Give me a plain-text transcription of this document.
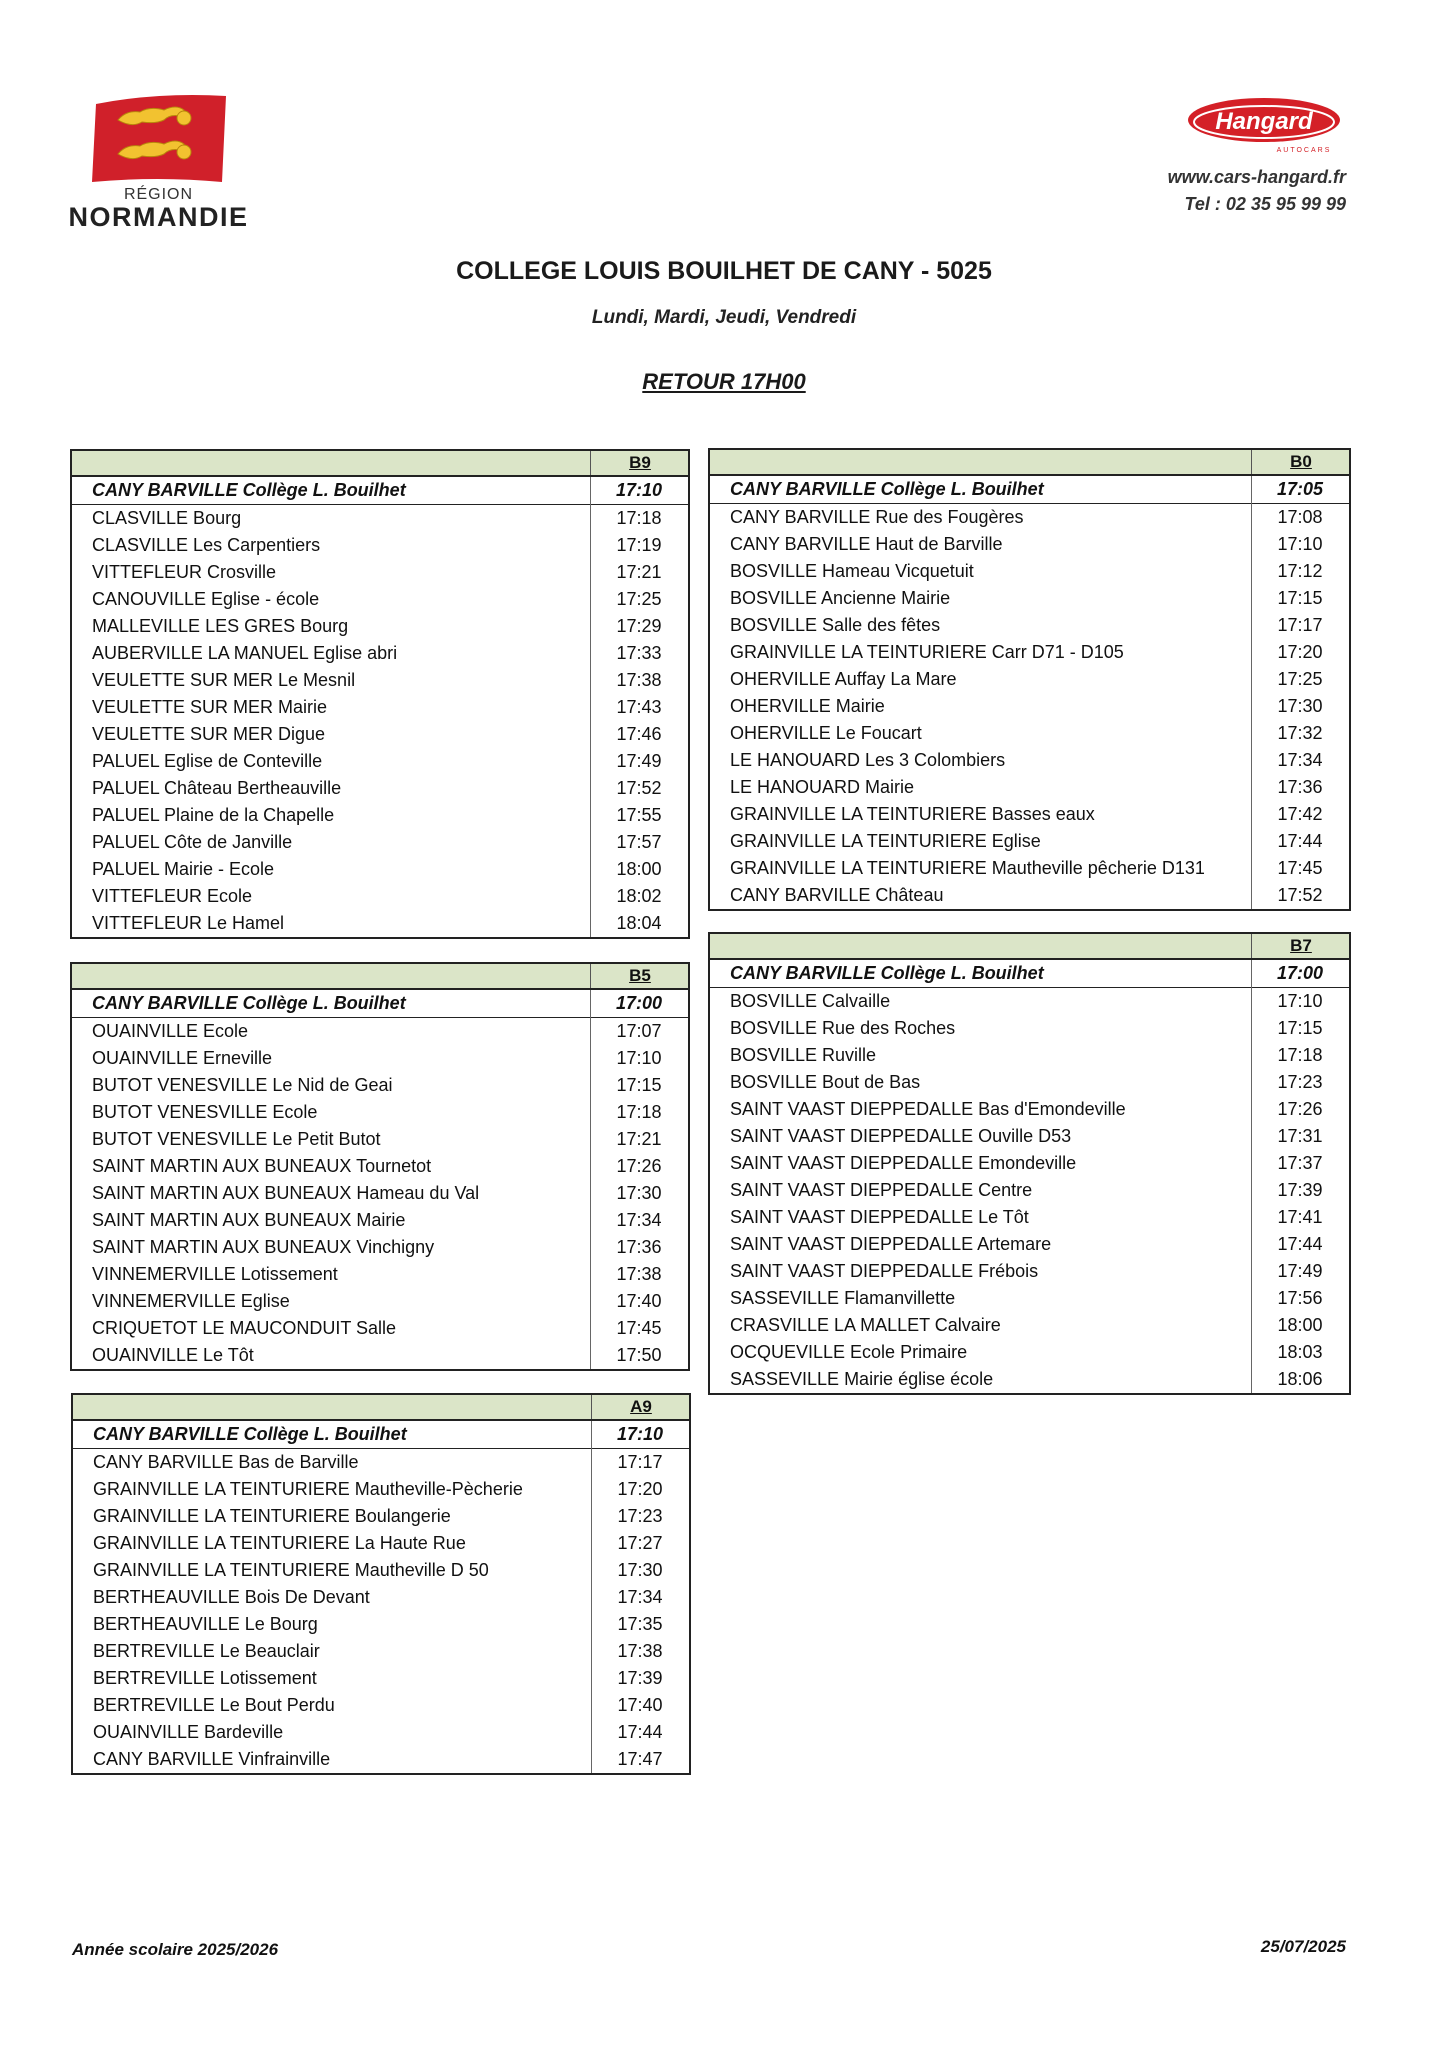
RÉGION
NORMANDIE
Hangard
AUTOCARS
www.cars-hangard.fr
Tel : 02 35 95 99 99
COLLEGE LOUIS BOUILHET DE CANY - 5025
Lundi, Mardi, Jeudi, Vendredi
RETOUR 17H00
B9
CANY BARVILLE Collège L. Bouilhet	17:10
CLASVILLE Bourg	17:18
CLASVILLE Les Carpentiers	17:19
VITTEFLEUR Crosville	17:21
CANOUVILLE Eglise - école	17:25
MALLEVILLE LES GRES Bourg	17:29
AUBERVILLE LA MANUEL Eglise abri	17:33
VEULETTE SUR MER Le Mesnil	17:38
VEULETTE SUR MER Mairie	17:43
VEULETTE SUR MER Digue	17:46
PALUEL Eglise de Conteville	17:49
PALUEL Château Bertheauville	17:52
PALUEL Plaine de la Chapelle	17:55
PALUEL Côte de Janville	17:57
PALUEL Mairie - Ecole	18:00
VITTEFLEUR Ecole	18:02
VITTEFLEUR Le Hamel	18:04
B0
CANY BARVILLE Collège L. Bouilhet	17:05
CANY BARVILLE Rue des Fougères	17:08
CANY BARVILLE Haut de Barville	17:10
BOSVILLE Hameau Vicquetuit	17:12
BOSVILLE Ancienne Mairie	17:15
BOSVILLE Salle des fêtes	17:17
GRAINVILLE LA TEINTURIERE Carr D71 - D105	17:20
OHERVILLE Auffay La Mare	17:25
OHERVILLE Mairie	17:30
OHERVILLE Le Foucart	17:32
LE HANOUARD Les 3 Colombiers	17:34
LE HANOUARD Mairie	17:36
GRAINVILLE LA TEINTURIERE Basses eaux	17:42
GRAINVILLE LA TEINTURIERE Eglise	17:44
GRAINVILLE LA TEINTURIERE Mautheville pêcherie D131	17:45
CANY BARVILLE Château	17:52
B5
CANY BARVILLE Collège L. Bouilhet	17:00
OUAINVILLE Ecole	17:07
OUAINVILLE Erneville	17:10
BUTOT VENESVILLE Le Nid de Geai	17:15
BUTOT VENESVILLE Ecole	17:18
BUTOT VENESVILLE Le Petit Butot	17:21
SAINT MARTIN AUX BUNEAUX Tournetot	17:26
SAINT MARTIN AUX BUNEAUX Hameau du Val	17:30
SAINT MARTIN AUX BUNEAUX Mairie	17:34
SAINT MARTIN AUX BUNEAUX Vinchigny	17:36
VINNEMERVILLE Lotissement	17:38
VINNEMERVILLE Eglise	17:40
CRIQUETOT LE MAUCONDUIT Salle	17:45
OUAINVILLE Le Tôt	17:50
B7
CANY BARVILLE Collège L. Bouilhet	17:00
BOSVILLE Calvaille	17:10
BOSVILLE Rue des Roches	17:15
BOSVILLE Ruville	17:18
BOSVILLE Bout de Bas	17:23
SAINT VAAST DIEPPEDALLE Bas d'Emondeville	17:26
SAINT VAAST DIEPPEDALLE Ouville D53	17:31
SAINT VAAST DIEPPEDALLE Emondeville	17:37
SAINT VAAST DIEPPEDALLE Centre	17:39
SAINT VAAST DIEPPEDALLE Le Tôt	17:41
SAINT VAAST DIEPPEDALLE Artemare	17:44
SAINT VAAST DIEPPEDALLE Frébois	17:49
SASSEVILLE Flamanvillette	17:56
CRASVILLE LA MALLET Calvaire	18:00
OCQUEVILLE Ecole Primaire	18:03
SASSEVILLE Mairie église école	18:06
A9
CANY BARVILLE Collège L. Bouilhet	17:10
CANY BARVILLE Bas de Barville	17:17
GRAINVILLE LA TEINTURIERE Mautheville-Pècherie	17:20
GRAINVILLE LA TEINTURIERE Boulangerie	17:23
GRAINVILLE LA TEINTURIERE La Haute Rue	17:27
GRAINVILLE LA TEINTURIERE Mautheville D 50	17:30
BERTHEAUVILLE Bois De Devant	17:34
BERTHEAUVILLE Le Bourg	17:35
BERTREVILLE Le Beauclair	17:38
BERTREVILLE Lotissement	17:39
BERTREVILLE Le Bout Perdu	17:40
OUAINVILLE Bardeville	17:44
CANY BARVILLE Vinfrainville	17:47
Année scolaire 2025/2026	25/07/2025
